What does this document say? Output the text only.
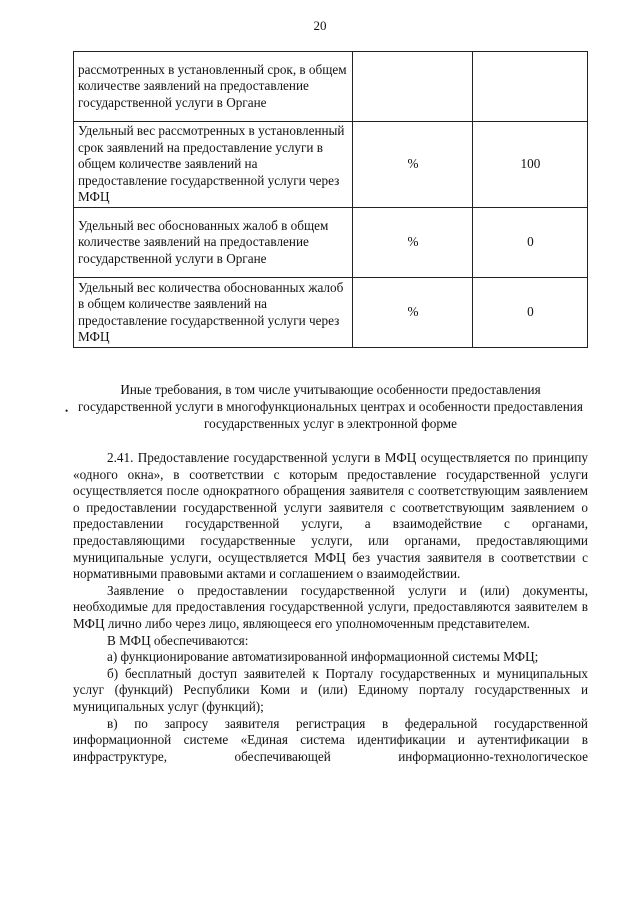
20
рассмотренных в установленный срок, в общем количестве заявлений на предоставление государственной услуги в Органе		
Удельный вес рассмотренных в установленный срок заявлений на предоставление услуги в общем количестве заявлений на предоставление государственной услуги через МФЦ	%	100
Удельный вес обоснованных жалоб в общем количестве заявлений на предоставление государственной услуги в Органе	%	0
Удельный вес количества обоснованных жалоб в общем количестве заявлений на предоставление государственной услуги через МФЦ	%	0
Иные требования, в том числе учитывающие особенности предоставления государственной услуги в многофункциональных центрах и особенности предоставления государственных услуг в электронной форме
•

2.41. Предоставление государственной услуги в МФЦ осуществляется по принципу «одного окна», в соответствии с которым предоставление государственной услуги осуществляется после однократного обращения заявителя с соответствующим заявлением о предоставлении государственной услуги заявителя с соответствующим заявлением о предоставлении государственной услуги, а взаимодействие с органами, предоставляющими государственные услуги, или органами, предоставляющими муниципальные услуги, осуществляется МФЦ без участия заявителя в соответствии с нормативными правовыми актами и соглашением о взаимодействии.

Заявление о предоставлении государственной услуги и (или) документы, необходимые для предоставления государственной услуги, предоставляются заявителем в МФЦ лично либо через лицо, являющееся его уполномоченным представителем.

В МФЦ обеспечиваются:

а) функционирование автоматизированной информационной системы МФЦ;

б) бесплатный доступ заявителей к Порталу государственных и муниципальных услуг (функций) Республики Коми и (или) Единому порталу государственных и муниципальных услуг (функций);

в) по запросу заявителя регистрация в федеральной государственной информационной системе «Единая система идентификации и аутентификации в инфраструктуре, обеспечивающей информационно-технологическое
